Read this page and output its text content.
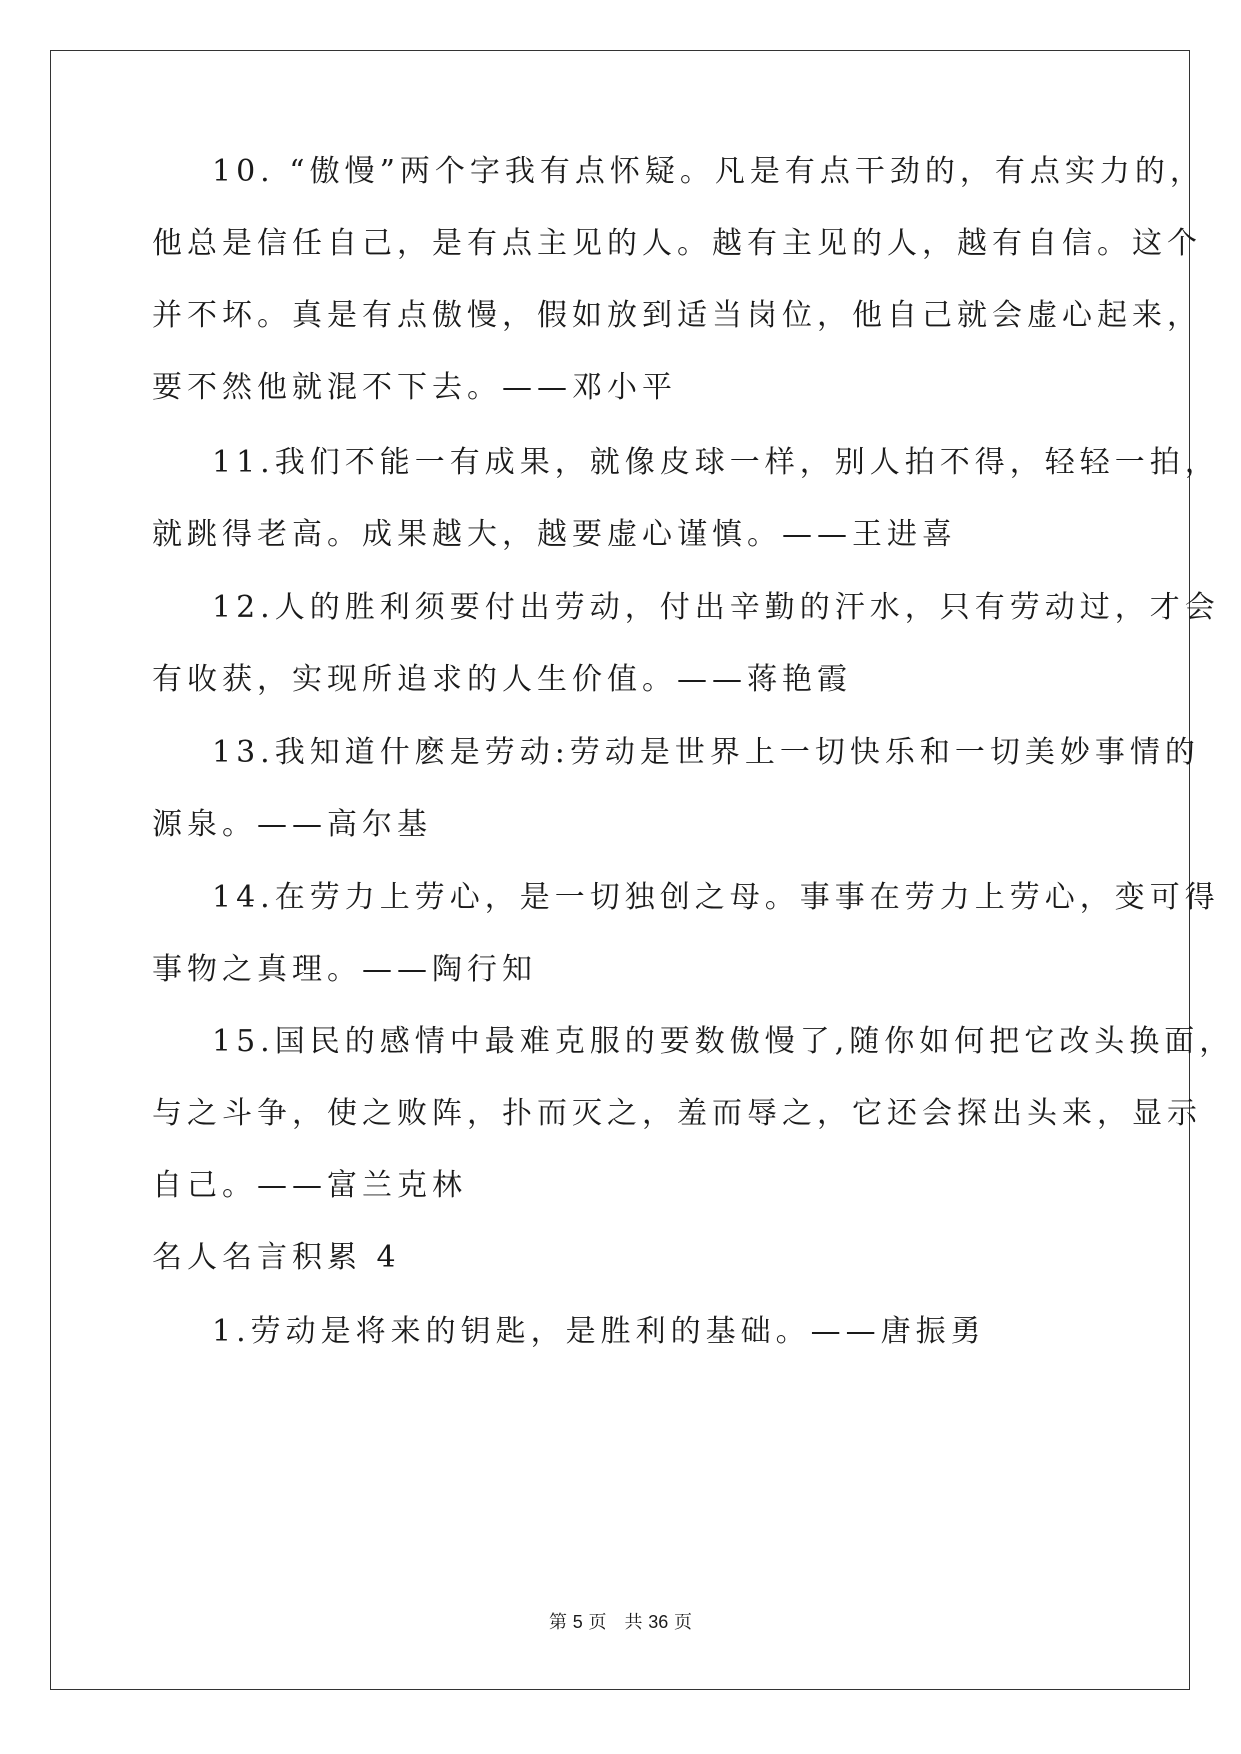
10. “傲慢”两个字我有点怀疑。凡是有点干劲的，有点实力的，
他总是信任自己，是有点主见的人。越有主见的人，越有自信。这个
并不坏。真是有点傲慢，假如放到适当岗位，他自己就会虚心起来，
要不然他就混不下去。——邓小平
11.我们不能一有成果，就像皮球一样，别人拍不得，轻轻一拍，
就跳得老高。成果越大，越要虚心谨慎。——王进喜
12.人的胜利须要付出劳动，付出辛勤的汗水，只有劳动过，才会
有收获，实现所追求的人生价值。——蒋艳霞
13.我知道什麽是劳动:劳动是世界上一切快乐和一切美妙事情的
源泉。——高尔基
14.在劳力上劳心，是一切独创之母。事事在劳力上劳心，变可得
事物之真理。——陶行知
15.国民的感情中最难克服的要数傲慢了,随你如何把它改头换面，
与之斗争，使之败阵，扑而灭之，羞而辱之，它还会探出头来，显示
自己。——富兰克林
名人名言积累 4
1.劳动是将来的钥匙，是胜利的基础。——唐振勇
第 5 页　共 36 页
